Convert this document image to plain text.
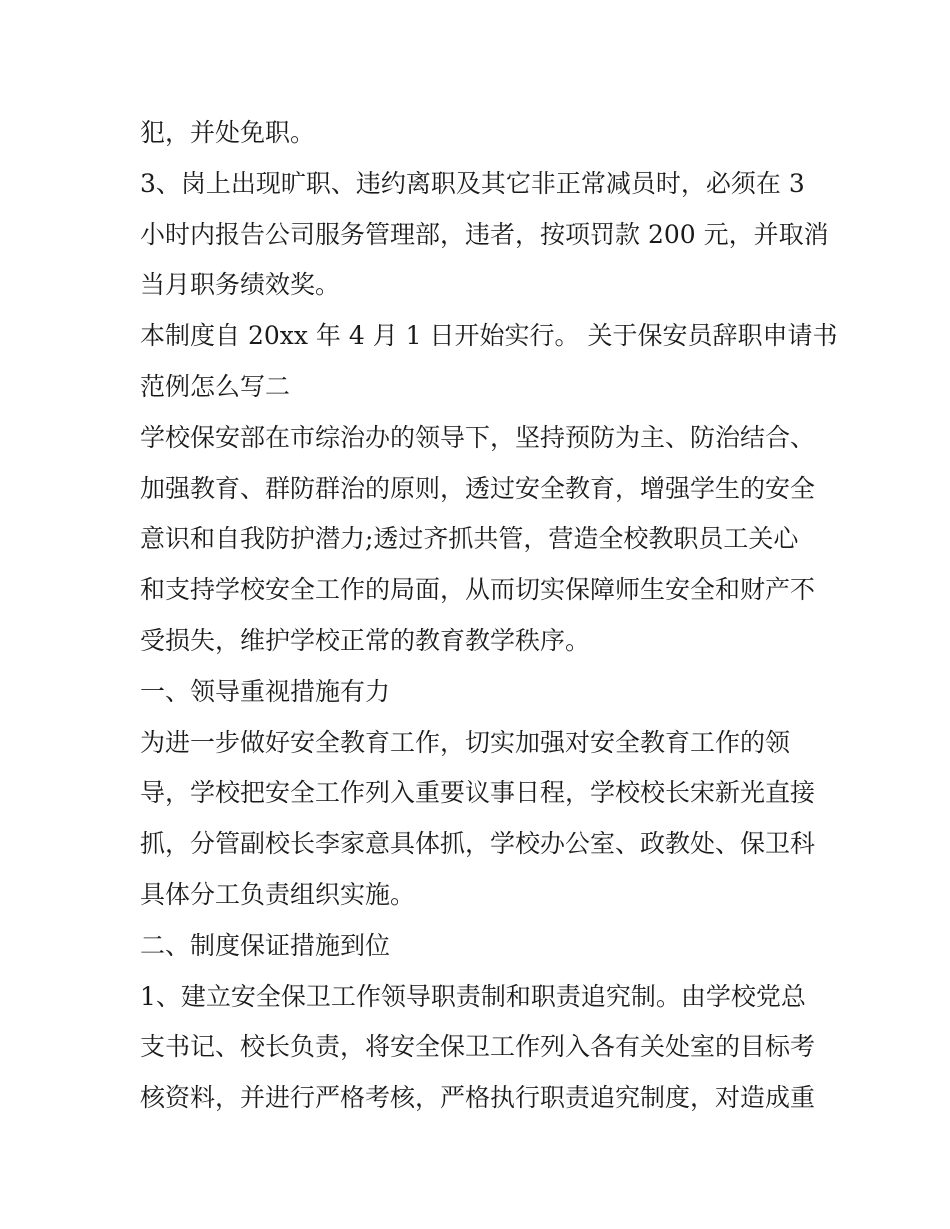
犯，并处免职。
3、岗上出现旷职、违约离职及其它非正常减员时，必须在 3
小时内报告公司服务管理部，违者，按项罚款 200 元，并取消
当月职务绩效奖。
本制度自 20xx 年 4 月 1 日开始实行。 关于保安员辞职申请书
范例怎么写二
学校保安部在市综治办的领导下，坚持预防为主、防治结合、
加强教育、群防群治的原则，透过安全教育，增强学生的安全
意识和自我防护潜力;透过齐抓共管，营造全校教职员工关心
和支持学校安全工作的局面，从而切实保障师生安全和财产不
受损失，维护学校正常的教育教学秩序。
一、领导重视措施有力
为进一步做好安全教育工作，切实加强对安全教育工作的领
导，学校把安全工作列入重要议事日程，学校校长宋新光直接
抓，分管副校长李家意具体抓，学校办公室、政教处、保卫科
具体分工负责组织实施。
二、制度保证措施到位
1、建立安全保卫工作领导职责制和职责追究制。由学校党总
支书记、校长负责，将安全保卫工作列入各有关处室的目标考
核资料，并进行严格考核，严格执行职责追究制度，对造成重
